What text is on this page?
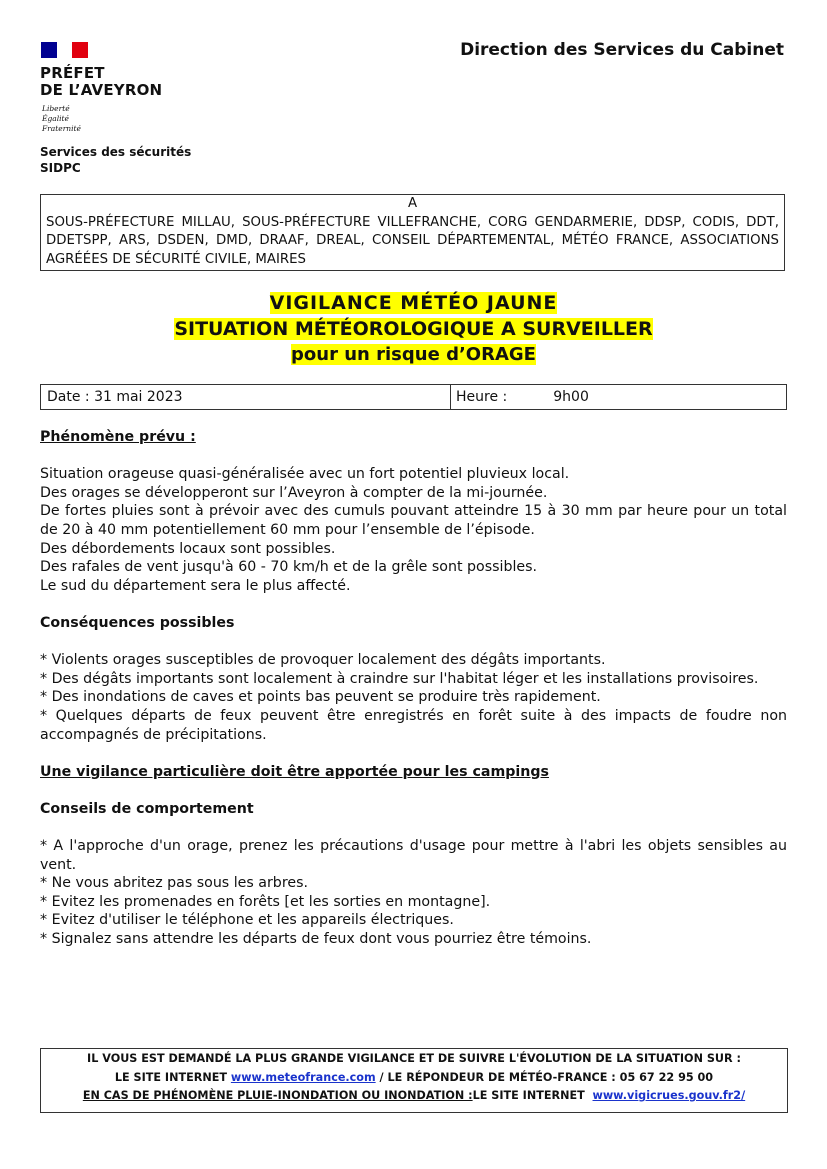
PRÉFET
DE L’AVEYRON
Liberté
Égalité
Fraternité
Services des sécurités
SIDPC
Direction des Services du Cabinet
A
SOUS-PRÉFECTURE MILLAU, SOUS-PRÉFECTURE VILLEFRANCHE, CORG GENDARMERIE, DDSP, CODIS, DDT, DDETSPP, ARS, DSDEN, DMD, DRAAF, DREAL, CONSEIL DÉPARTEMENTAL, MÉTÉO FRANCE, ASSOCIATIONS AGRÉÉES DE SÉCURITÉ CIVILE, MAIRES
VIGILANCE MÉTÉO JAUNE
SITUATION MÉTÉOROLOGIQUE A SURVEILLER
pour un risque d’ORAGE
Date : 31 mai 2023	Heure :	9h00

Phénomène prévu :

Situation orageuse quasi-généralisée avec un fort potentiel pluvieux local.

Des orages se développeront sur l’Aveyron à compter de la mi-journée.

De fortes pluies sont à prévoir avec des cumuls pouvant atteindre 15 à 30 mm par heure pour un total de 20 à 40 mm potentiellement 60 mm pour l’ensemble de l’épisode.

Des débordements locaux sont possibles.

Des rafales de vent jusqu'à 60 - 70 km/h et de la grêle sont possibles.

Le sud du département sera le plus affecté.

Conséquences possibles

* Violents orages susceptibles de provoquer localement des dégâts importants.

* Des dégâts importants sont localement à craindre sur l'habitat léger et les installations provisoires.

* Des inondations de caves et points bas peuvent se produire très rapidement.

* Quelques départs de feux peuvent être enregistrés en forêt suite à des impacts de foudre non accompagnés de précipitations.

Une vigilance particulière doit être apportée pour les campings

Conseils de comportement

* A l'approche d'un orage, prenez les précautions d'usage pour mettre à l'abri les objets sensibles au vent.

* Ne vous abritez pas sous les arbres.

* Evitez les promenades en forêts [et les sorties en montagne].

* Evitez d'utiliser le téléphone et les appareils électriques.

* Signalez sans attendre les départs de feux dont vous pourriez être témoins.

IL VOUS EST DEMANDÉ LA PLUS GRANDE VIGILANCE ET DE SUIVRE L'ÉVOLUTION DE LA SITUATION SUR :
LE SITE INTERNET www.meteofrance.com / LE RÉPONDEUR DE MÉTÉO-FRANCE : 05 67 22 95 00
EN CAS DE PHÉNOMÈNE PLUIE-INONDATION OU INONDATION :LE SITE INTERNET www.vigicrues.gouv.fr2/
